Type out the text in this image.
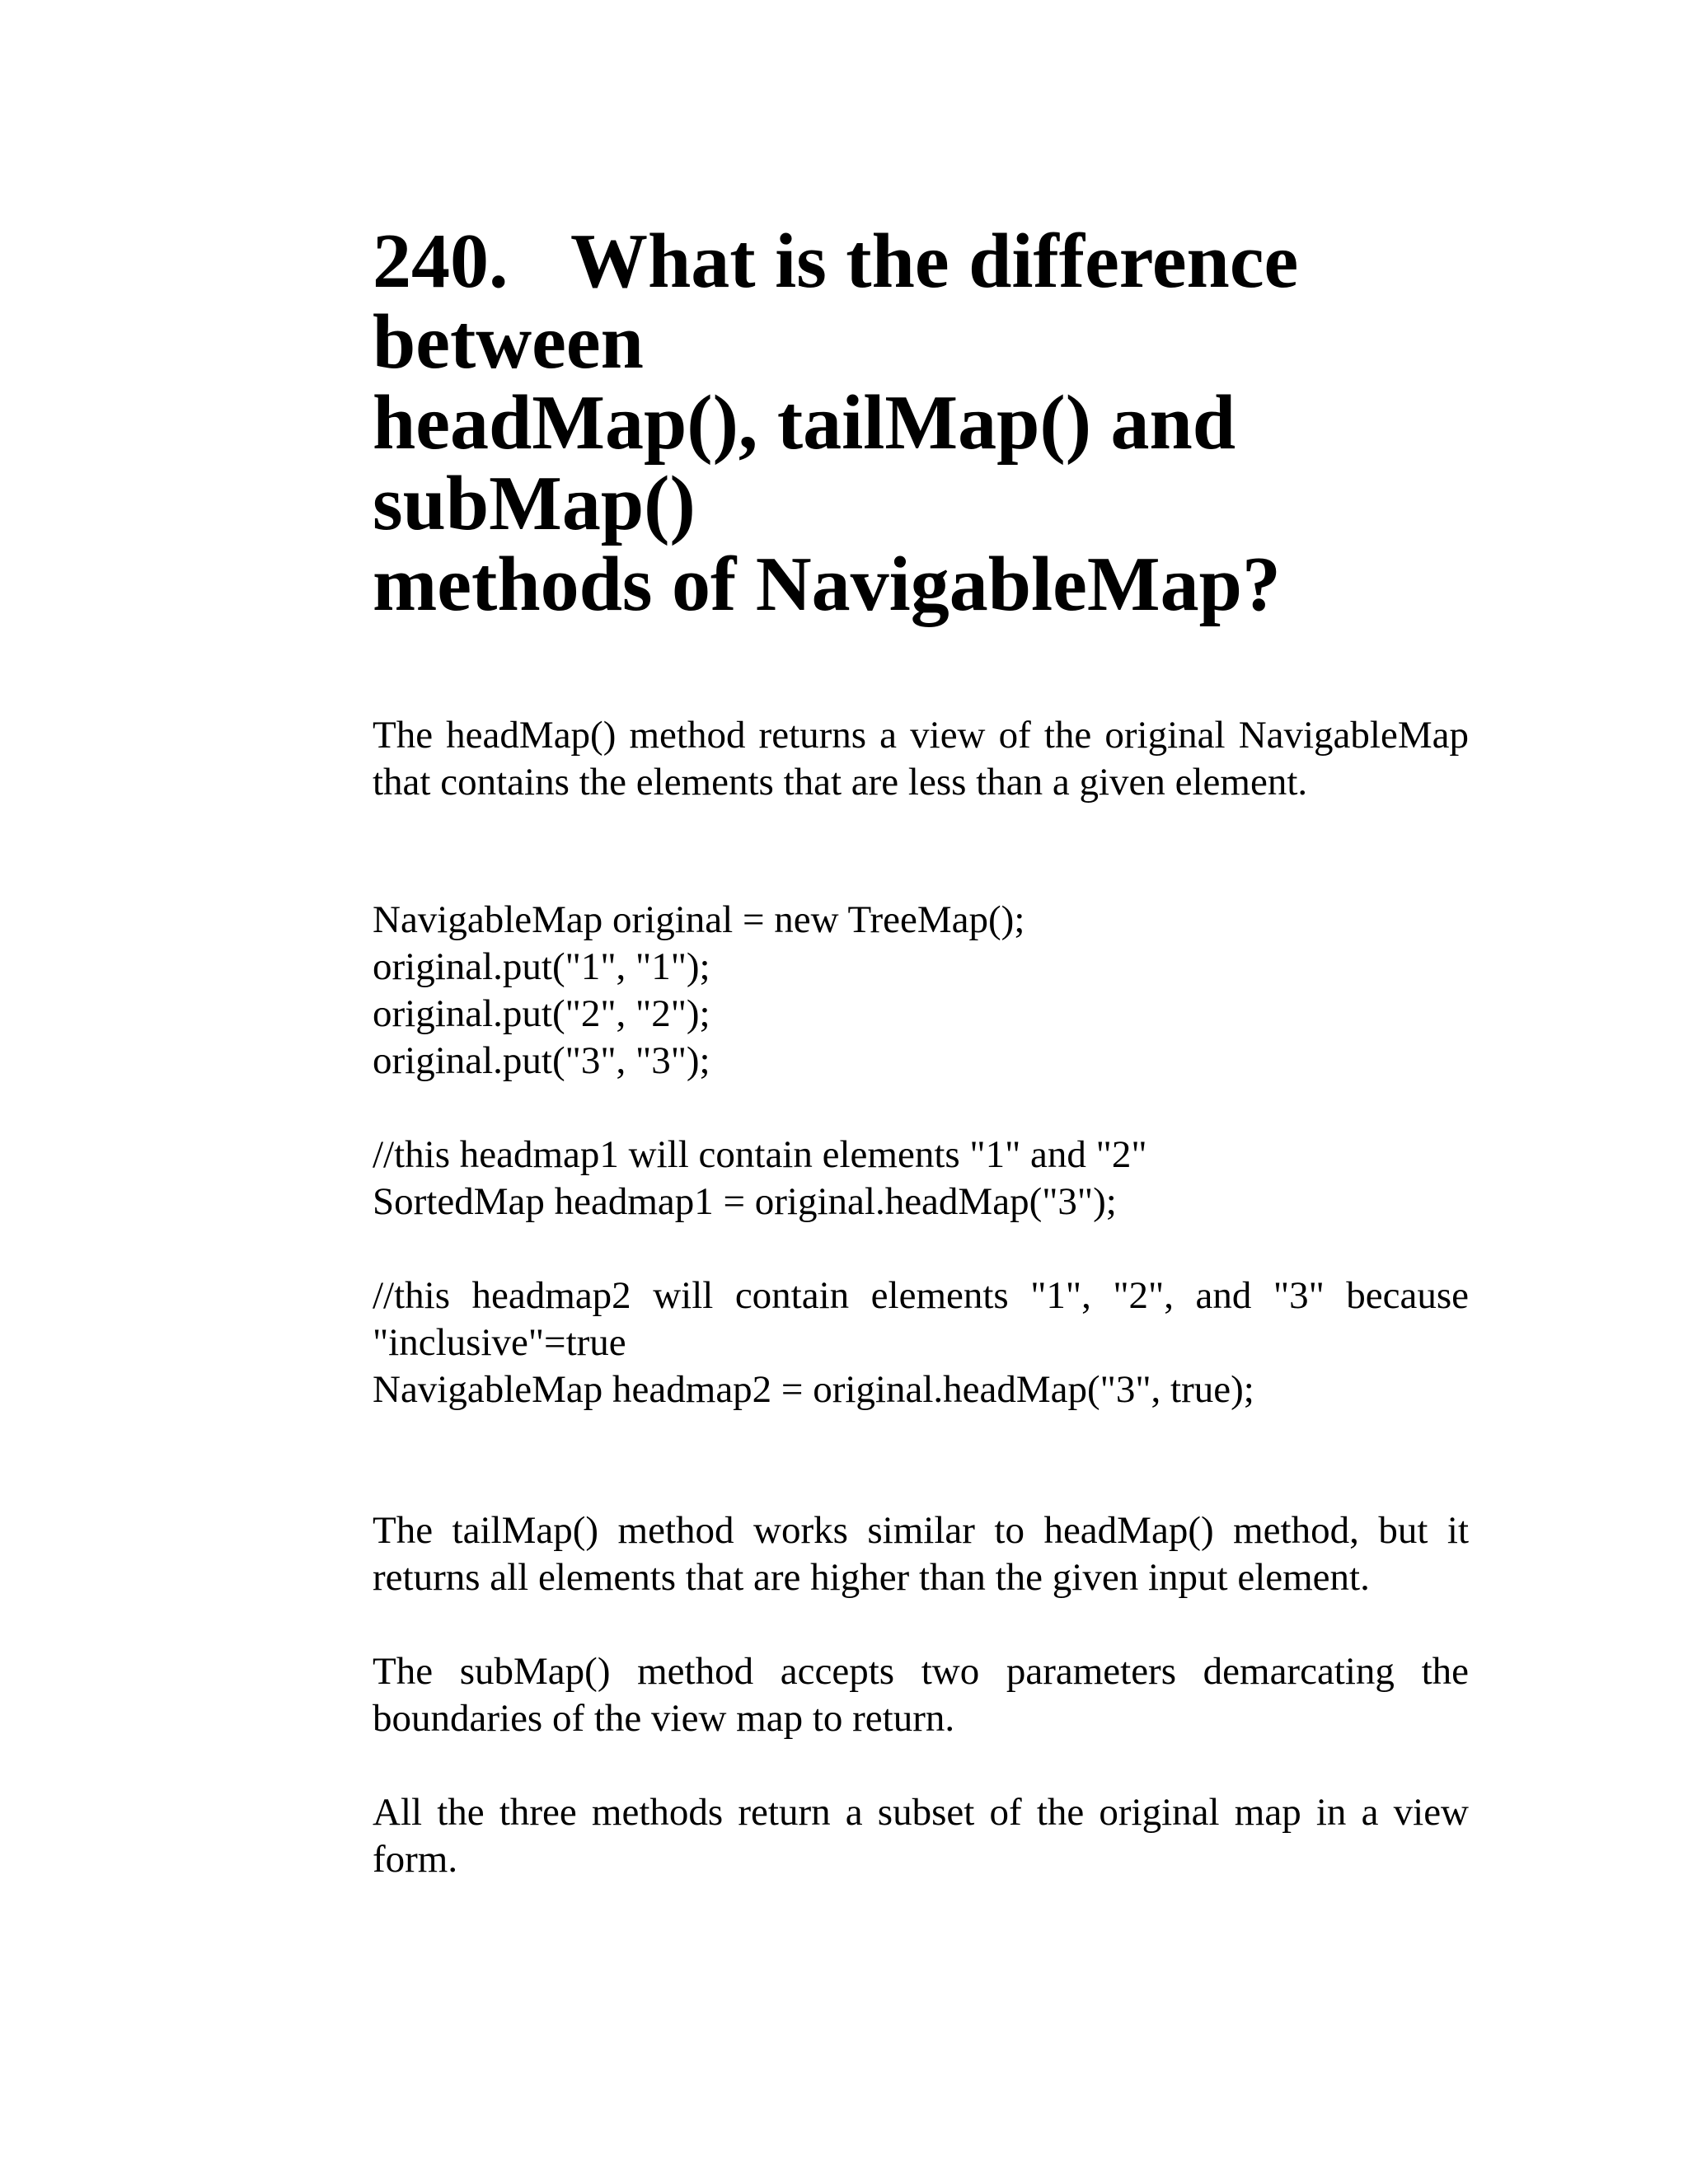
240. What is the difference between
headMap(), tailMap() and subMap()
methods of NavigableMap?

The headMap() method returns a view of the original NavigableMap that contains the elements that are less than a given element.

NavigableMap original = new TreeMap();

original.put("1", "1");

original.put("2", "2");

original.put("3", "3");

//this headmap1 will contain elements "1" and "2"

SortedMap headmap1 = original.headMap("3");

//this headmap2 will contain elements "1", "2", and "3" because

"inclusive"=true

NavigableMap headmap2 = original.headMap("3", true);

The tailMap() method works similar to headMap() method, but it returns all elements that are higher than the given input element.

The subMap() method accepts two parameters demarcating the boundaries of the view map to return.

All the three methods return a subset of the original map in a view form.
